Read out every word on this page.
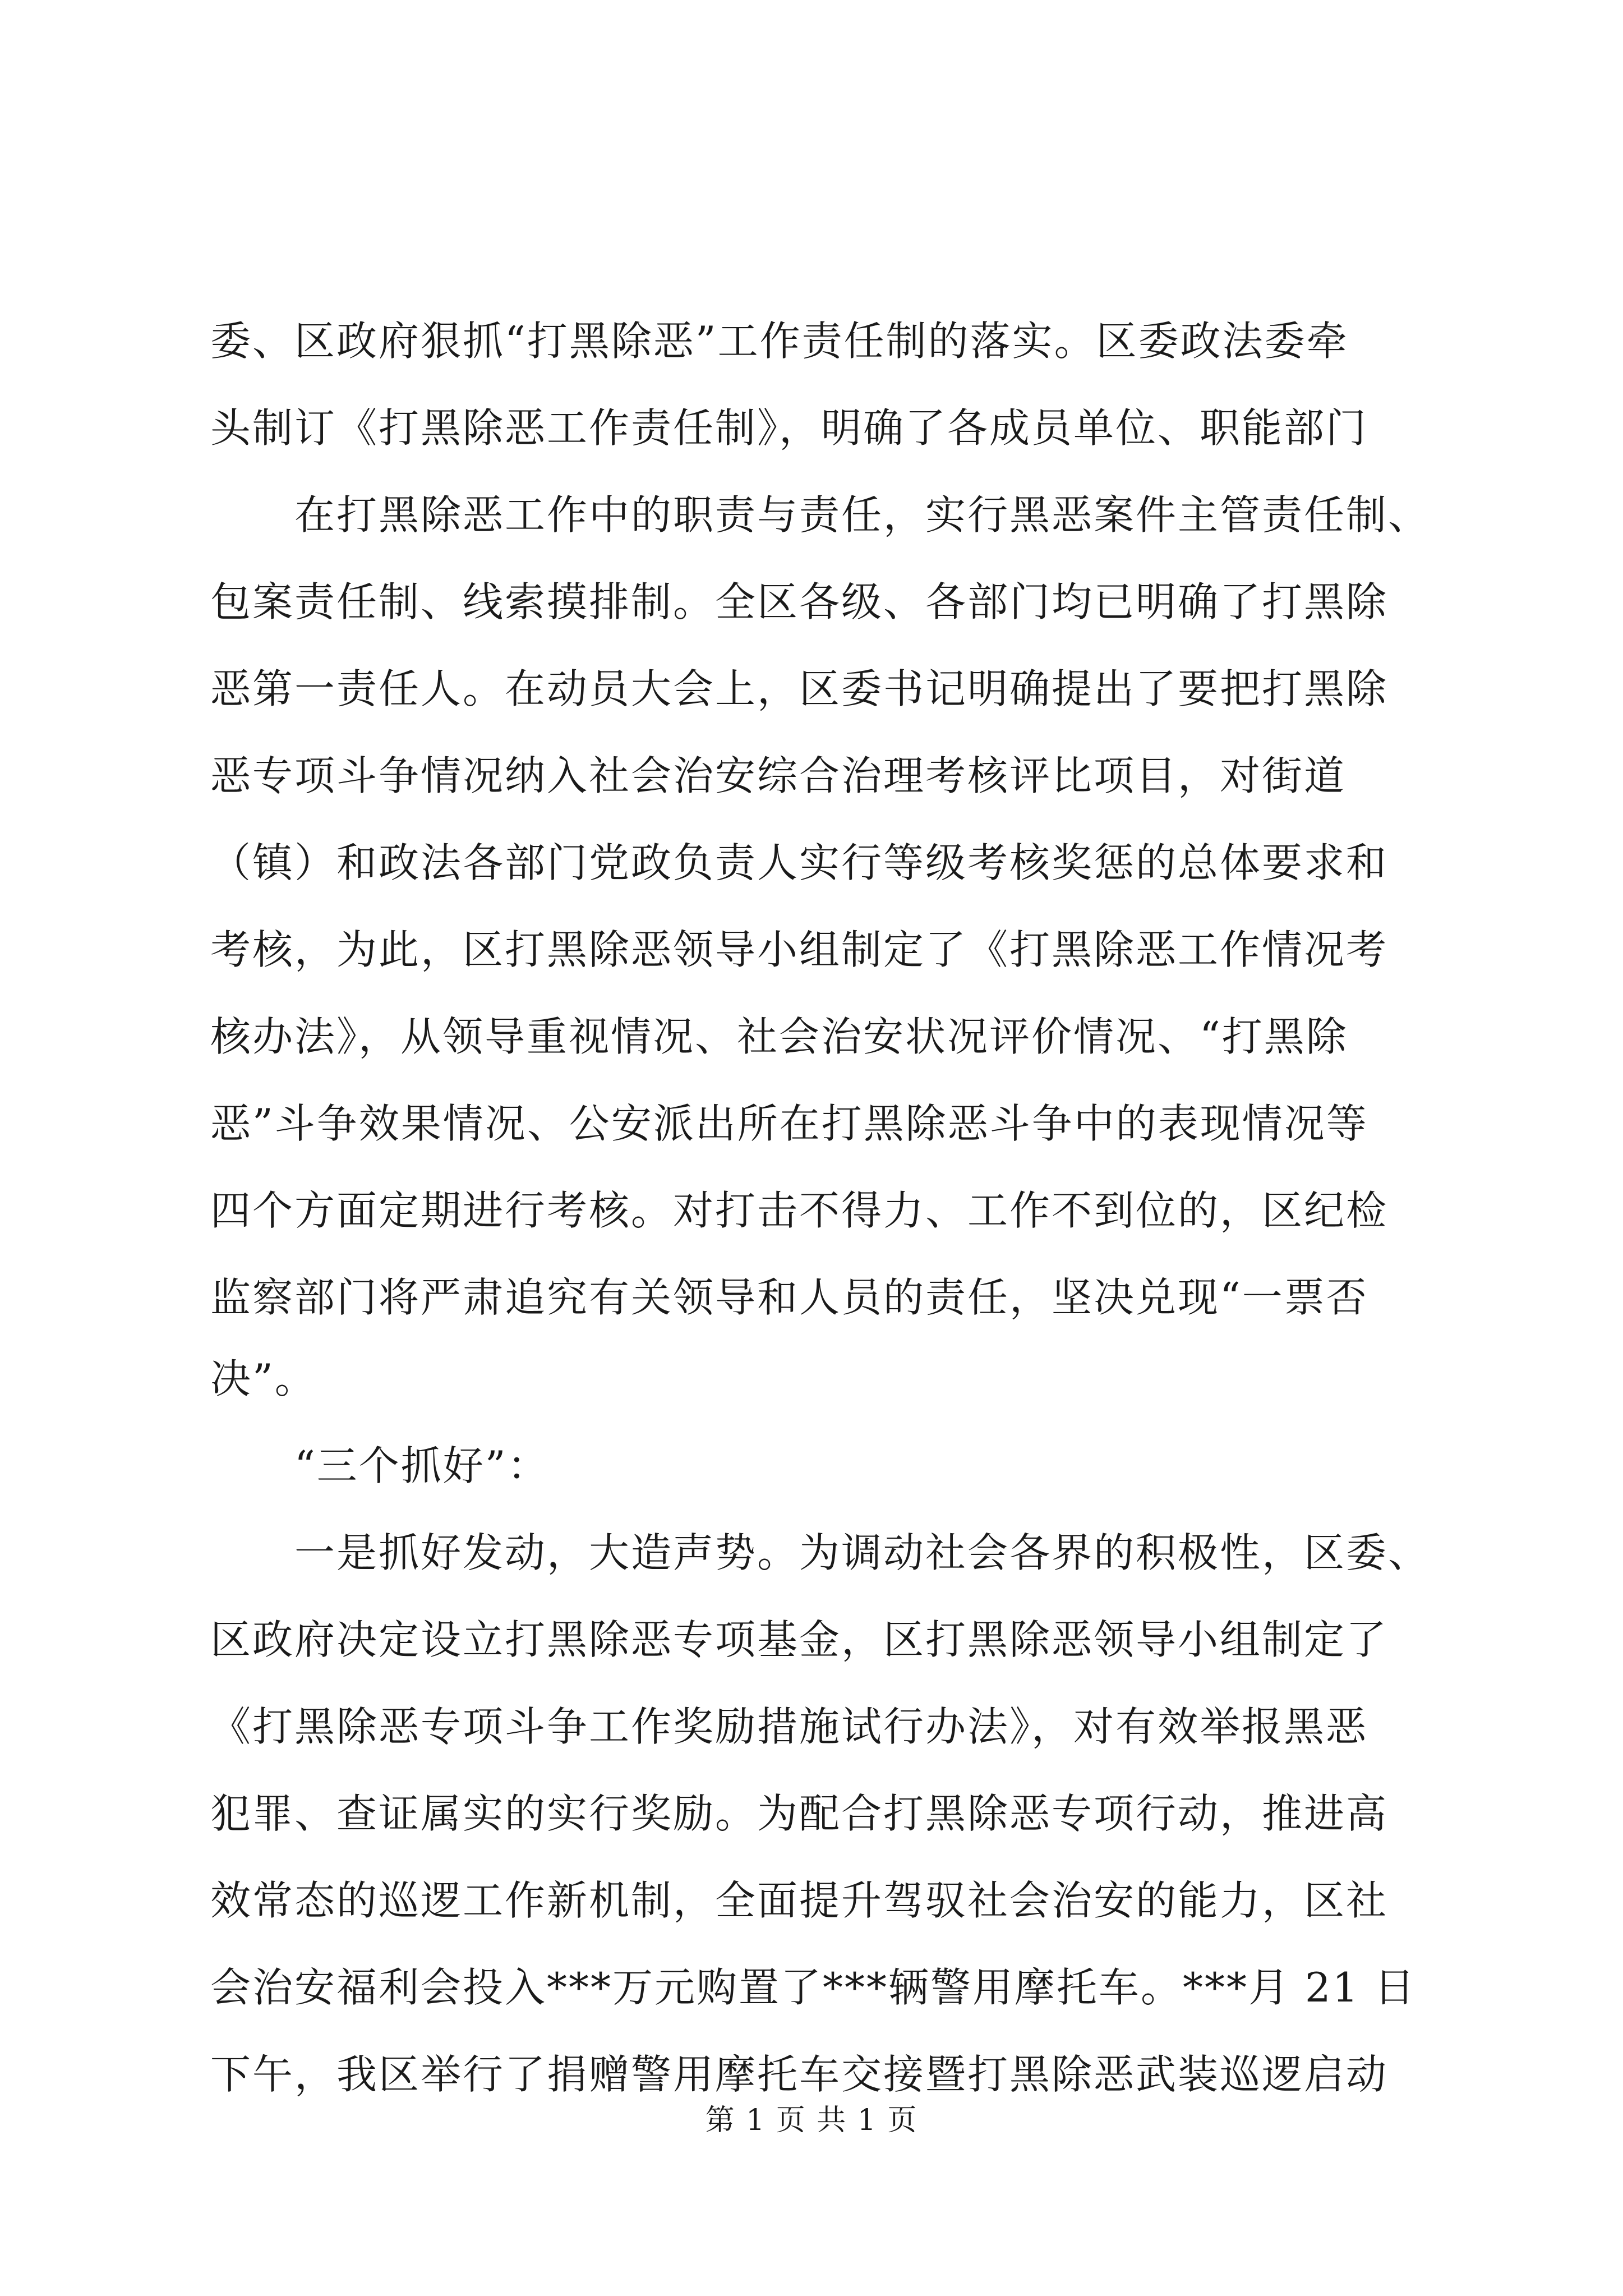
委、区政府狠抓“打黑除恶”工作责任制的落实。区委政法委牵
头制订《打黑除恶工作责任制》，明确了各成员单位、职能部门
　　在打黑除恶工作中的职责与责任，实行黑恶案件主管责任制、
包案责任制、线索摸排制。全区各级、各部门均已明确了打黑除
恶第一责任人。在动员大会上，区委书记明确提出了要把打黑除
恶专项斗争情况纳入社会治安综合治理考核评比项目，对街道
（镇）和政法各部门党政负责人实行等级考核奖惩的总体要求和
考核，为此，区打黑除恶领导小组制定了《打黑除恶工作情况考
核办法》，从领导重视情况、社会治安状况评价情况、“打黑除
恶”斗争效果情况、公安派出所在打黑除恶斗争中的表现情况等
四个方面定期进行考核。对打击不得力、工作不到位的，区纪检
监察部门将严肃追究有关领导和人员的责任，坚决兑现“一票否
决”。
　　“三个抓好”：
　　一是抓好发动，大造声势。为调动社会各界的积极性，区委、
区政府决定设立打黑除恶专项基金，区打黑除恶领导小组制定了
《打黑除恶专项斗争工作奖励措施试行办法》，对有效举报黑恶
犯罪、查证属实的实行奖励。为配合打黑除恶专项行动，推进高
效常态的巡逻工作新机制，全面提升驾驭社会治安的能力，区社
会治安福利会投入***万元购置了***辆警用摩托车。***月 21 日
下午，我区举行了捐赠警用摩托车交接暨打黑除恶武装巡逻启动
第 1 页 共 1 页
